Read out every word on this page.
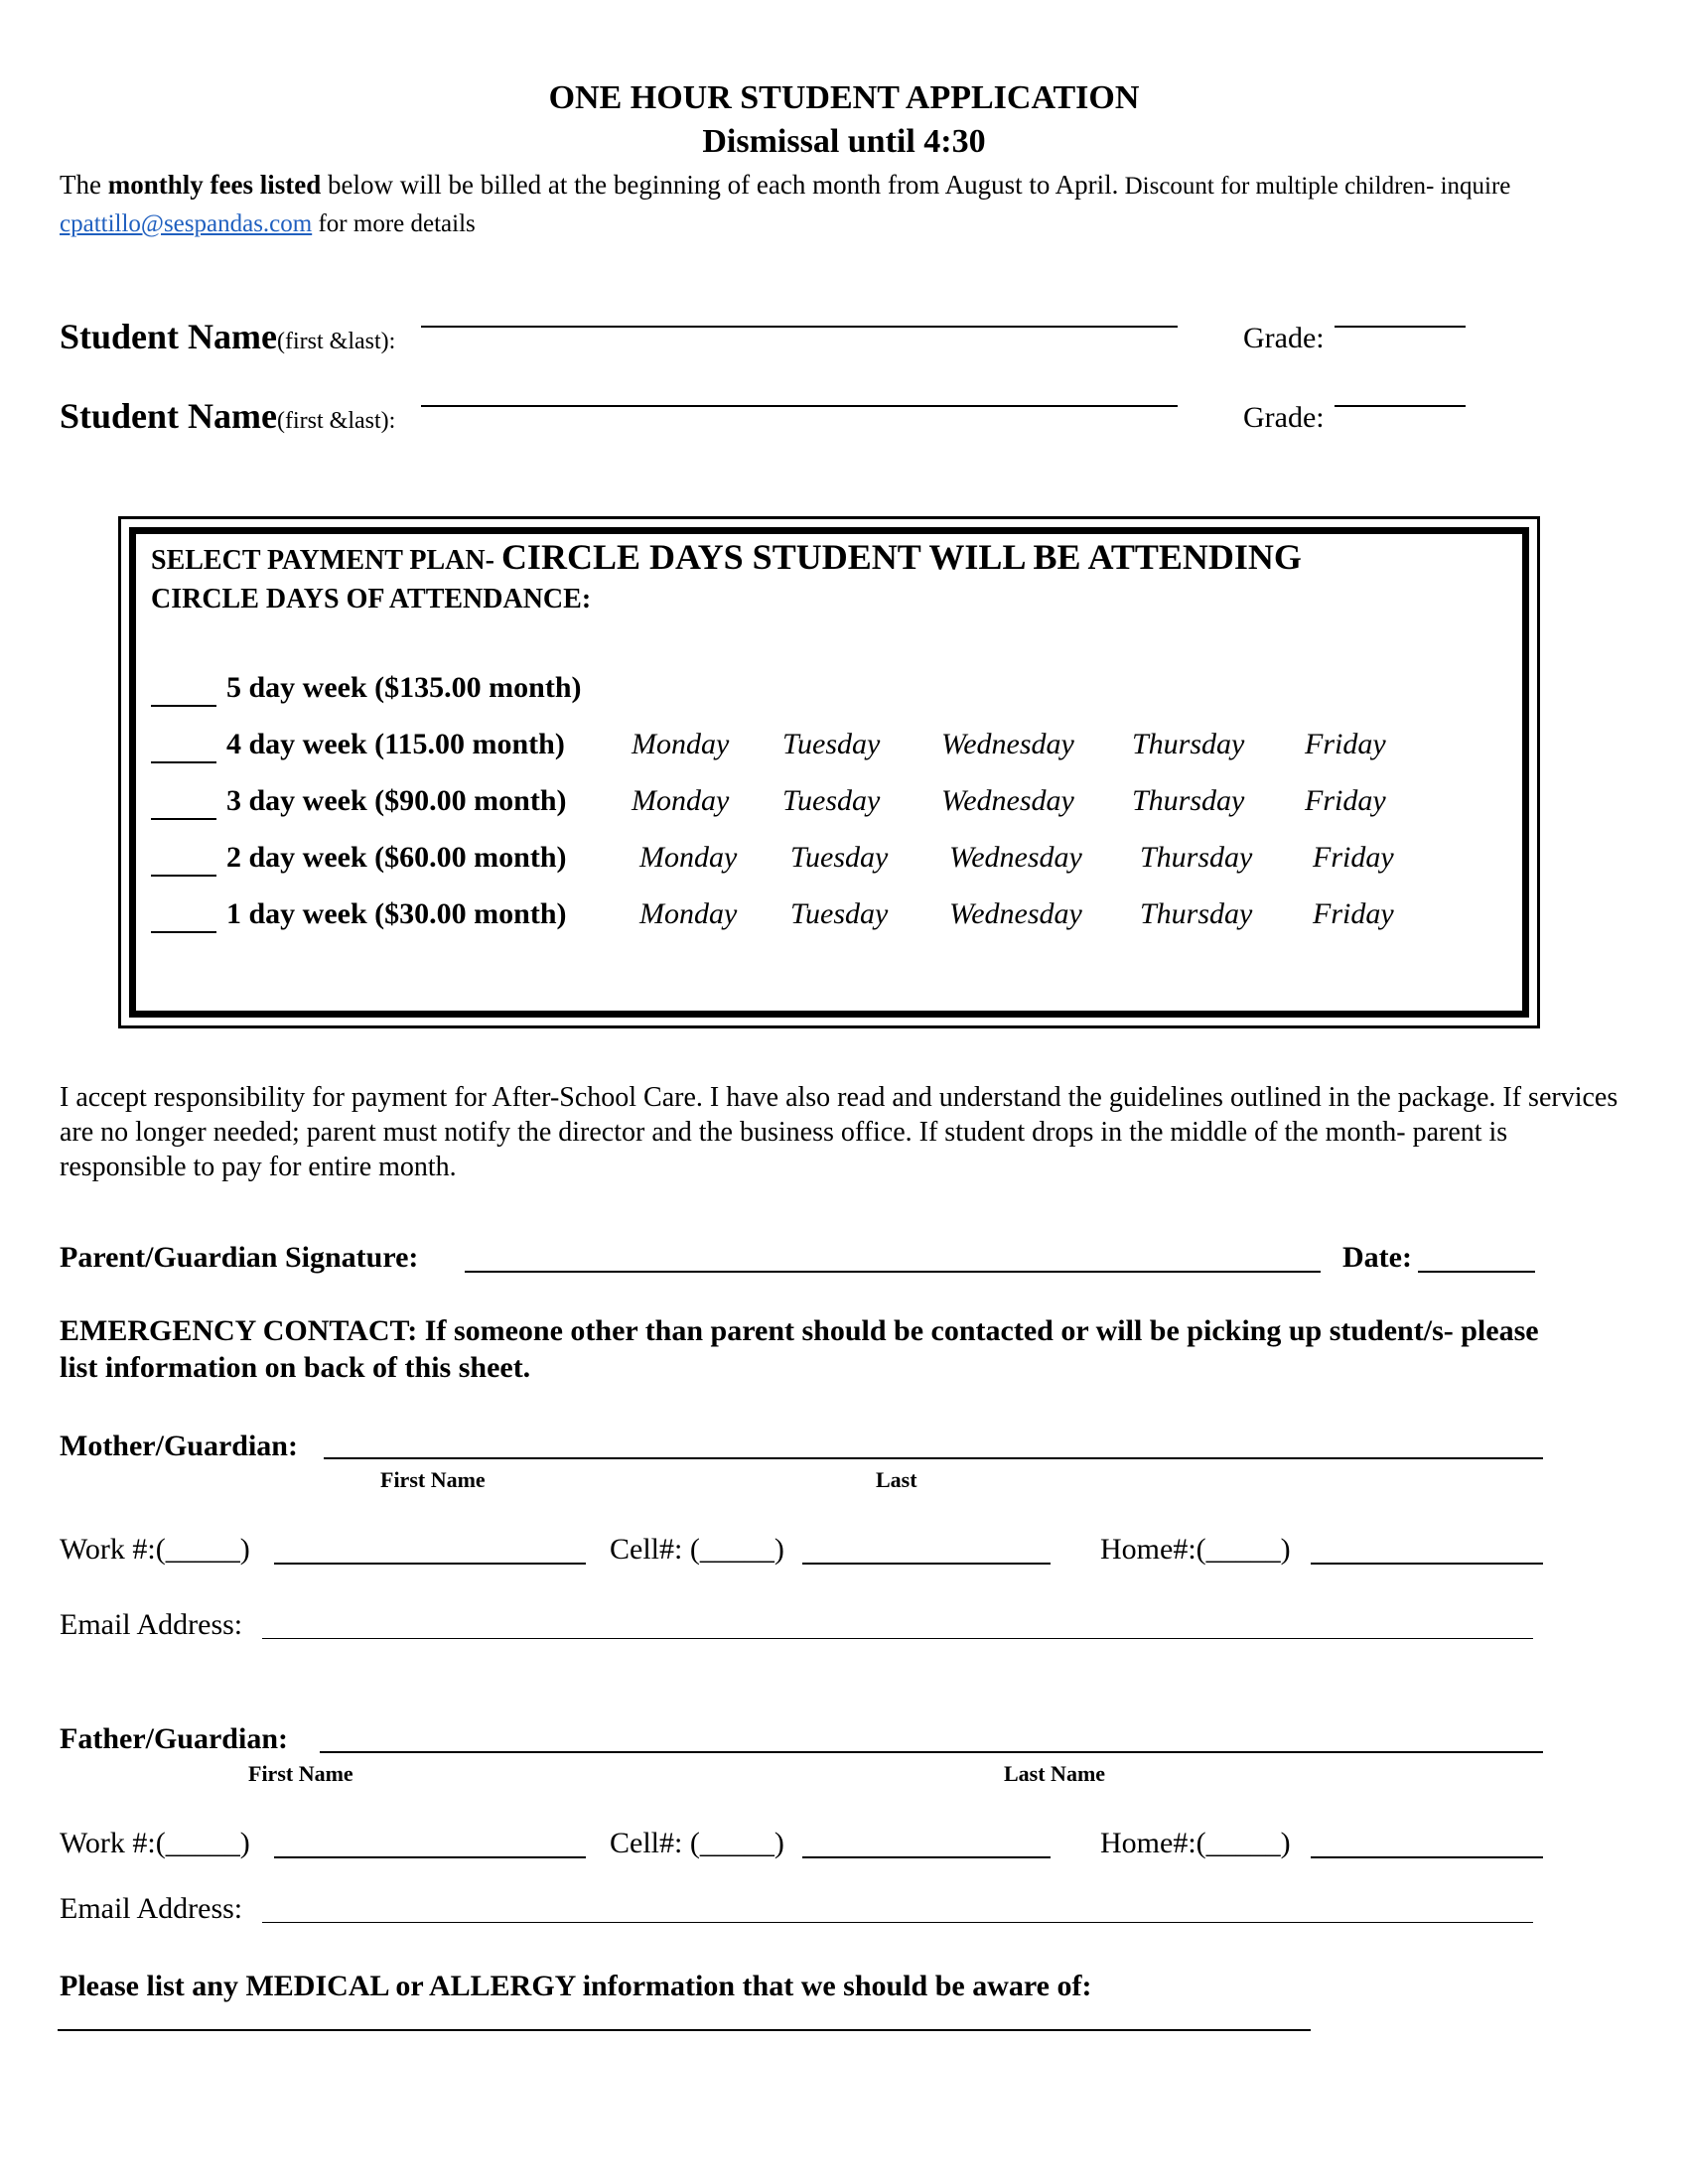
ONE HOUR STUDENT APPLICATION
Dismissal until 4:30
The monthly fees listed below will be billed at the beginning of each month from August to April. Discount for multiple children- inquire cpattillo@sespandas.com for more details
Student Name(first &last):	Grade:
Student Name(first &last):	Grade:
SELECT PAYMENT PLAN- CIRCLE DAYS STUDENT WILL BE ATTENDING
CIRCLE DAYS OF ATTENDANCE:
5 day week ($135.00 month)
4 day week (115.00 month) Monday Tuesday Wednesday Thursday Friday
3 day week ($90.00 month) Monday Tuesday Wednesday Thursday Friday
2 day week ($60.00 month) Monday Tuesday Wednesday Thursday Friday
1 day week ($30.00 month) Monday Tuesday Wednesday Thursday Friday
I accept responsibility for payment for After-School Care. I have also read and understand the guidelines outlined in the package. If services are no longer needed; parent must notify the director and the business office. If student drops in the middle of the month- parent is responsible to pay for entire month.
Parent/Guardian Signature:	Date:
EMERGENCY CONTACT: If someone other than parent should be contacted or will be picking up student/s- please list information on back of this sheet.
Mother/Guardian:
First Name	Last
Work #:(_____)	Cell#: (_____)	Home#:(_____)
Email Address:
Father/Guardian:
First Name	Last Name
Work #:(_____)	Cell#: (_____)	Home#:(_____)
Email Address:
Please list any MEDICAL or ALLERGY information that we should be aware of:
